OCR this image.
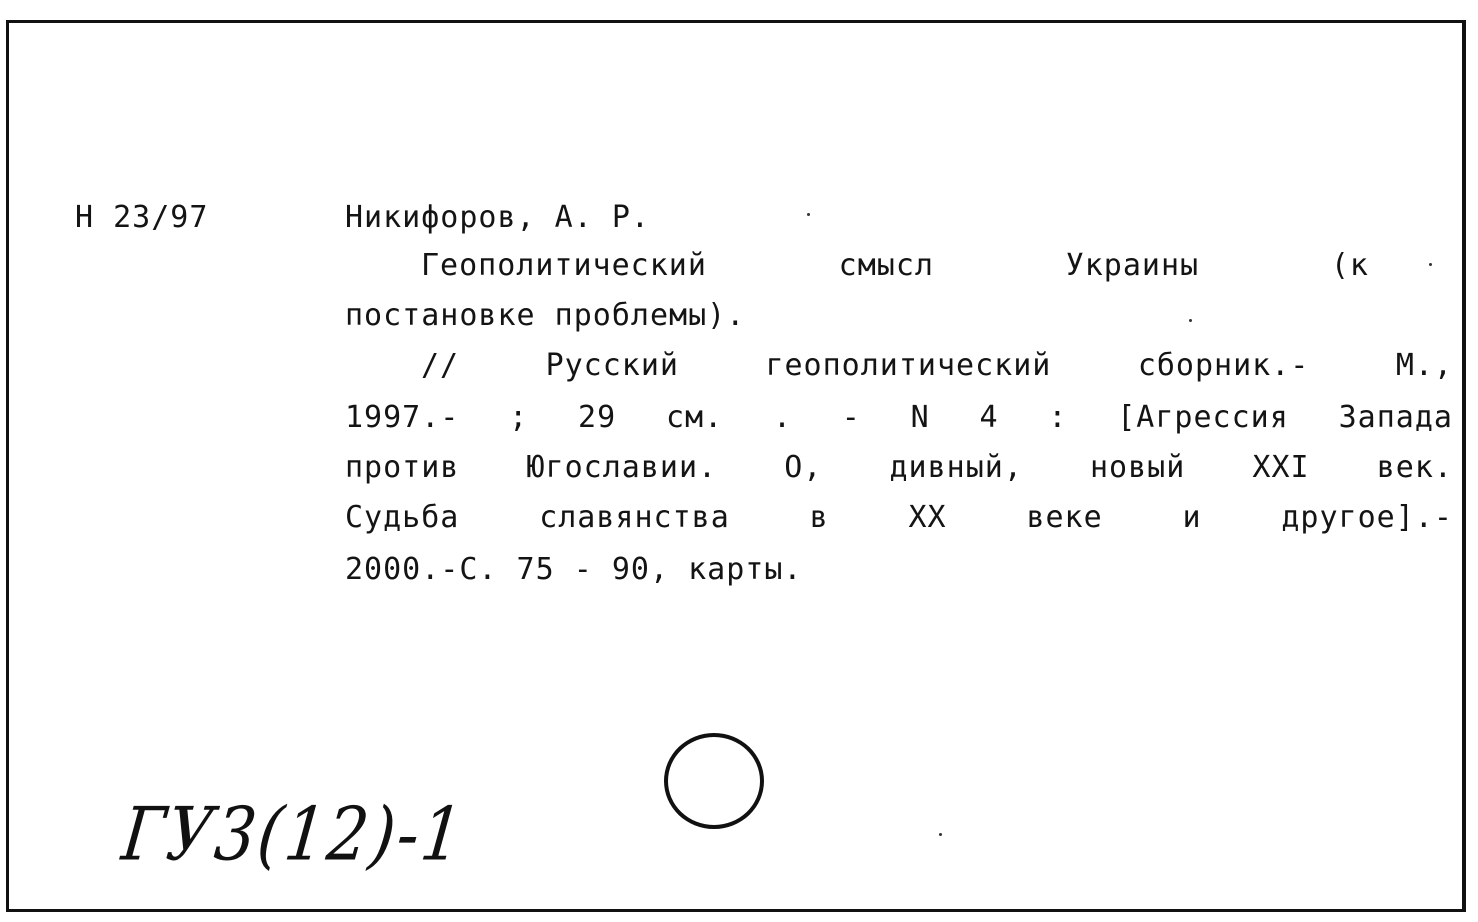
Н 23/97	Никифоров, А. Р.
Геополитический	смысл	Украины	(к
постановке проблемы).
//	Русский	геополитический	сборник.-	М.,
1997.- ; 29 см. . - N 4 : [Агрессия Запада
против Югославии. О, дивный, новый XXI век.
Судьба	славянства	в	XX	веке	и	другое].-
2000.-С. 75 - 90, карты.
ГУ3(12)-1
